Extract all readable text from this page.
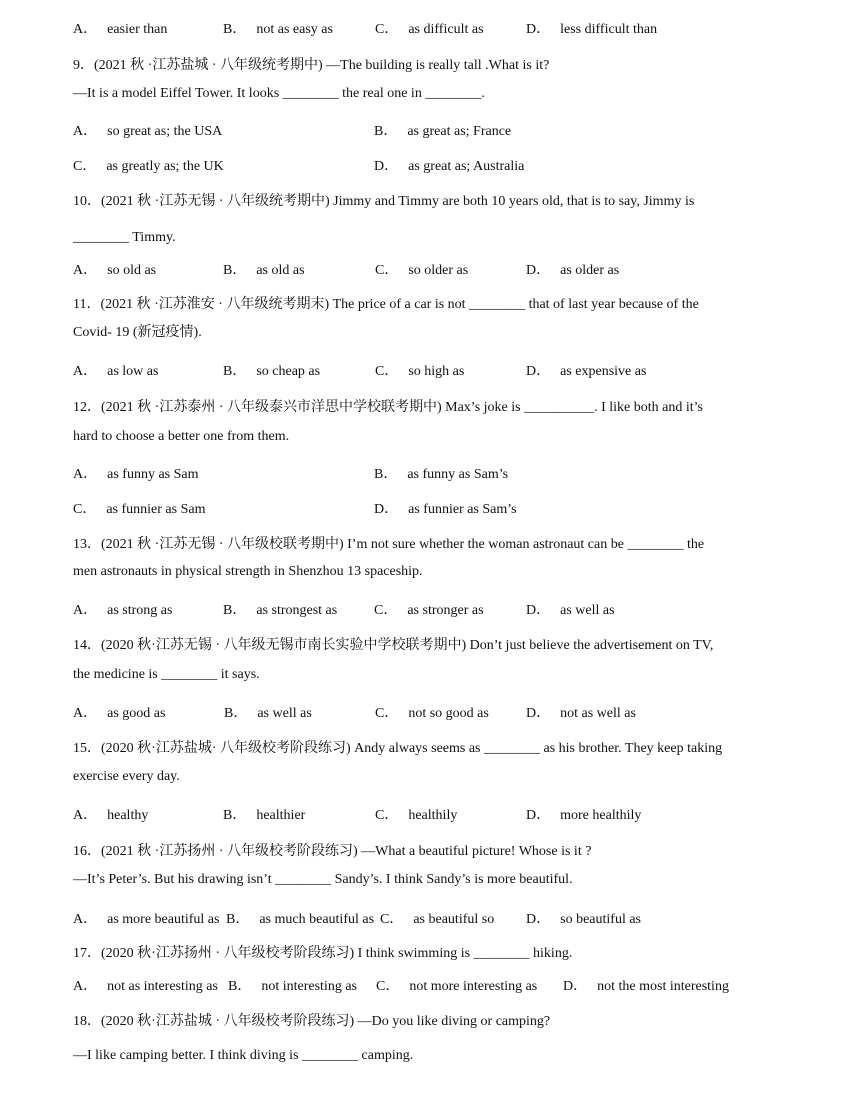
A． easier than	B． not as easy as	C． as difficult as	D． less difficult than
9．(2021 秋 ·江苏盐城 · 八年级统考期中) —The building is really tall .What is it?
—It is a model Eiffel Tower. It looks ________ the real one in ________.
A． so great as; the USA	B． as great as; France
C． as greatly as; the UK	D． as great as; Australia
10．(2021 秋 ·江苏无锡 · 八年级统考期中) Jimmy and Timmy are both 10 years old, that is to say, Jimmy is
________ Timmy.
A． so old as	B． as old as	C． so older as	D． as older as
11．(2021 秋 ·江苏淮安 · 八年级统考期末) The price of a car is not ________ that of last year because of the
Covid- 19 (新冠疫情).
A． as low as	B． so cheap as	C． so high as	D． as expensive as
12．(2021 秋 ·江苏泰州 · 八年级泰兴市洋思中学校联考期中) Max’s joke is __________. I like both and it’s
hard to choose a better one from them.
A． as funny as Sam	B． as funny as Sam’s
C． as funnier as Sam	D． as funnier as Sam’s
13．(2021 秋 ·江苏无锡 · 八年级校联考期中) I’m not sure whether the woman astronaut can be ________ the
men astronauts in physical strength in Shenzhou 13 spaceship.
A． as strong as	B． as strongest as	C． as stronger as	D． as well as
14．(2020 秋·江苏无锡 · 八年级无锡市南长实验中学校联考期中) Don’t just believe the advertisement on TV,
the medicine is ________ it says.
A． as good as	B． as well as	C． not so good as	D． not as well as
15．(2020 秋·江苏盐城· 八年级校考阶段练习) Andy always seems as ________ as his brother. They keep taking
exercise every day.
A． healthy	B． healthier	C． healthily	D． more healthily
16．(2021 秋 ·江苏扬州 · 八年级校考阶段练习) —What a beautiful picture! Whose is it ?
—It’s Peter’s. But his drawing isn’t ________ Sandy’s. I think Sandy’s is more beautiful.
A． as more beautiful as B． as much beautiful as C． as beautiful so D． so beautiful as
17．(2020 秋·江苏扬州 · 八年级校考阶段练习) I think swimming is ________ hiking.
A． not as interesting as B． not interesting as C． not more interesting as D． not the most interesting
18．(2020 秋·江苏盐城 · 八年级校考阶段练习) —Do you like diving or camping?
—I like camping better. I think diving is ________ camping.
